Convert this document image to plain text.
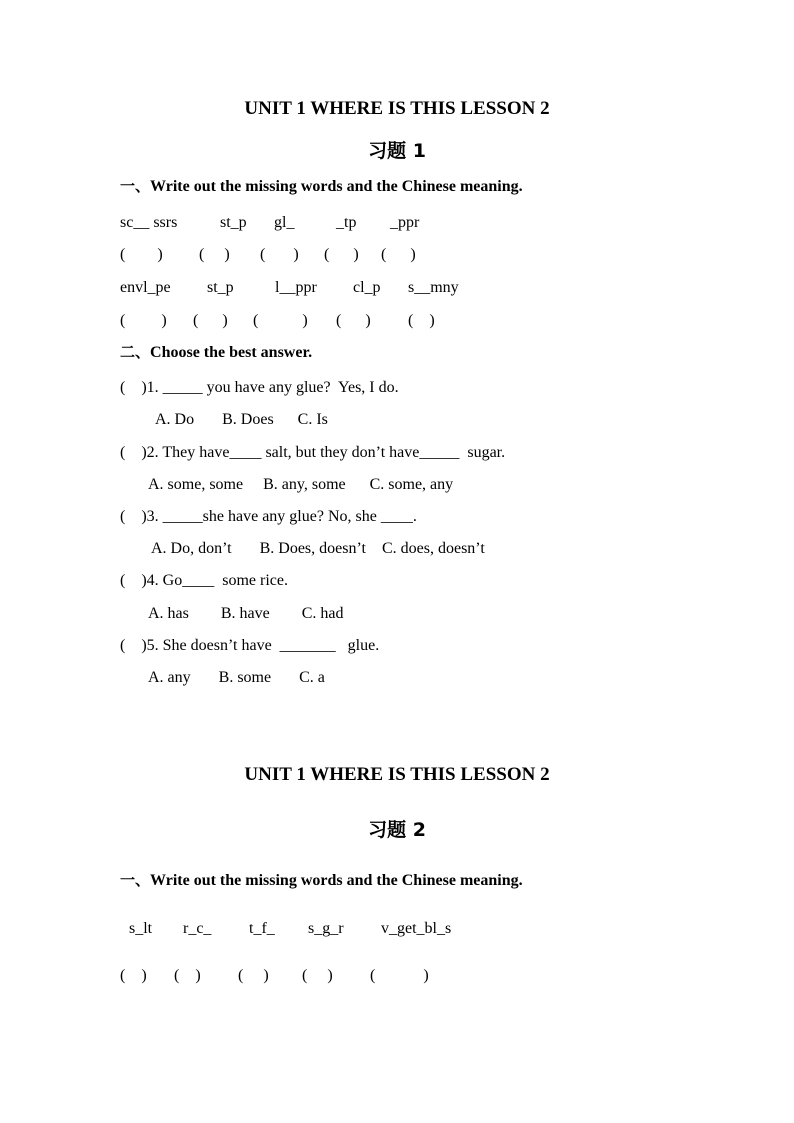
UNIT 1 WHERE IS THIS LESSON 2
习题 1
一、Write out the missing words and the Chinese meaning.
sc__ ssrs	st_p gl_	_tp _ppr
(        ) (     ) (       ) (      ) (      )
envl_pe st_p	l__ppr cl_p s__mny
(         ) (      ) (           ) (      ) (    )
二、Choose the best answer.
(    )1. _____ you have any glue?  Yes, I do.
A. Do       B. Does      C. Is
(    )2. They have____ salt, but they don’t have_____  sugar.
A. some, some     B. any, some      C. some, any
(    )3. _____she have any glue? No, she ____.
A. Do, don’t       B. Does, doesn’t    C. does, doesn’t
(    )4. Go____  some rice.
A. has        B. have        C. had
(    )5. She doesn’t have  _______   glue.
A. any       B. some       C. a
UNIT 1 WHERE IS THIS LESSON 2
习题 2
一、Write out the missing words and the Chinese meaning.
s_lt r_c_ t_f_ s_g_r v_get_bl_s
(    ) (    ) (     ) (     ) (            )
